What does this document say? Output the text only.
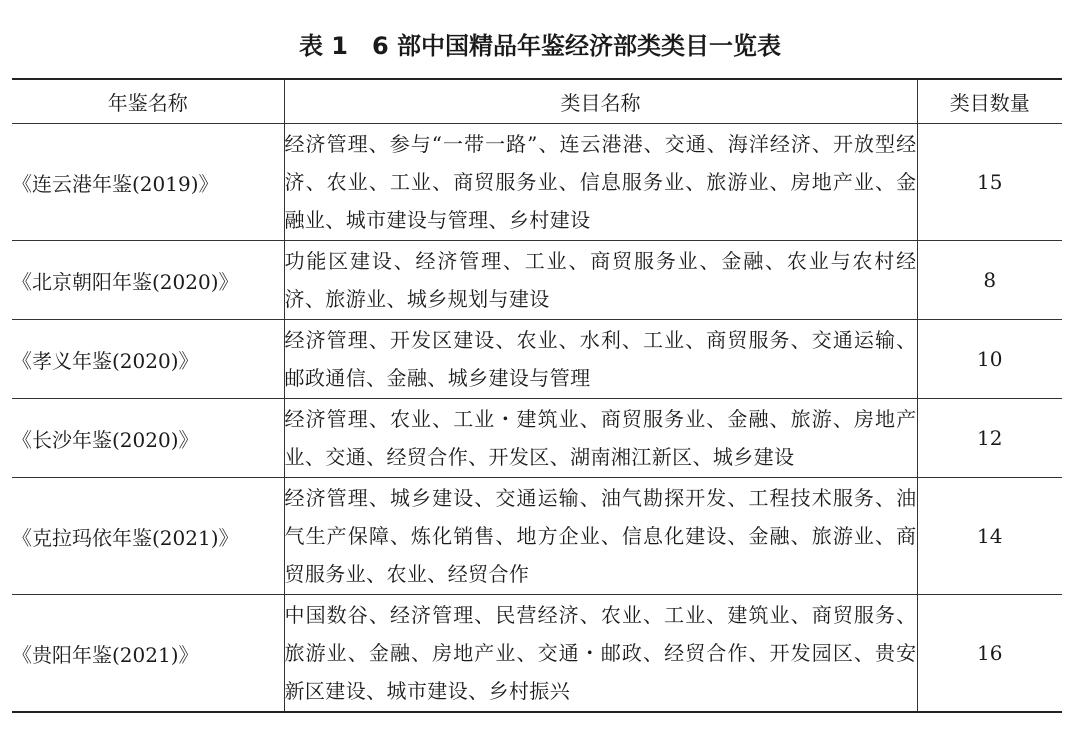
表 1　6 部中国精品年鉴经济部类类目一览表
年鉴名称	类目名称	类目数量
《连云港年鉴(2019)》	经济管理、参与“一带一路”、连云港港、交通、海洋经济、开放型经济、农业、工业、商贸服务业、信息服务业、旅游业、房地产业、金融业、城市建设与管理、乡村建设	15
《北京朝阳年鉴(2020)》	功能区建设、经济管理、工业、商贸服务业、金融、农业与农村经济、旅游业、城乡规划与建设	8
《孝义年鉴(2020)》	经济管理、开发区建设、农业、水利、工业、商贸服务、交通运输、邮政通信、金融、城乡建设与管理	10
《长沙年鉴(2020)》	经济管理、农业、工业・建筑业、商贸服务业、金融、旅游、房地产业、交通、经贸合作、开发区、湖南湘江新区、城乡建设	12
《克拉玛依年鉴(2021)》	经济管理、城乡建设、交通运输、油气勘探开发、工程技术服务、油气生产保障、炼化销售、地方企业、信息化建设、金融、旅游业、商贸服务业、农业、经贸合作	14
《贵阳年鉴(2021)》	中国数谷、经济管理、民营经济、农业、工业、建筑业、商贸服务、旅游业、金融、房地产业、交通・邮政、经贸合作、开发园区、贵安新区建设、城市建设、乡村振兴	16
